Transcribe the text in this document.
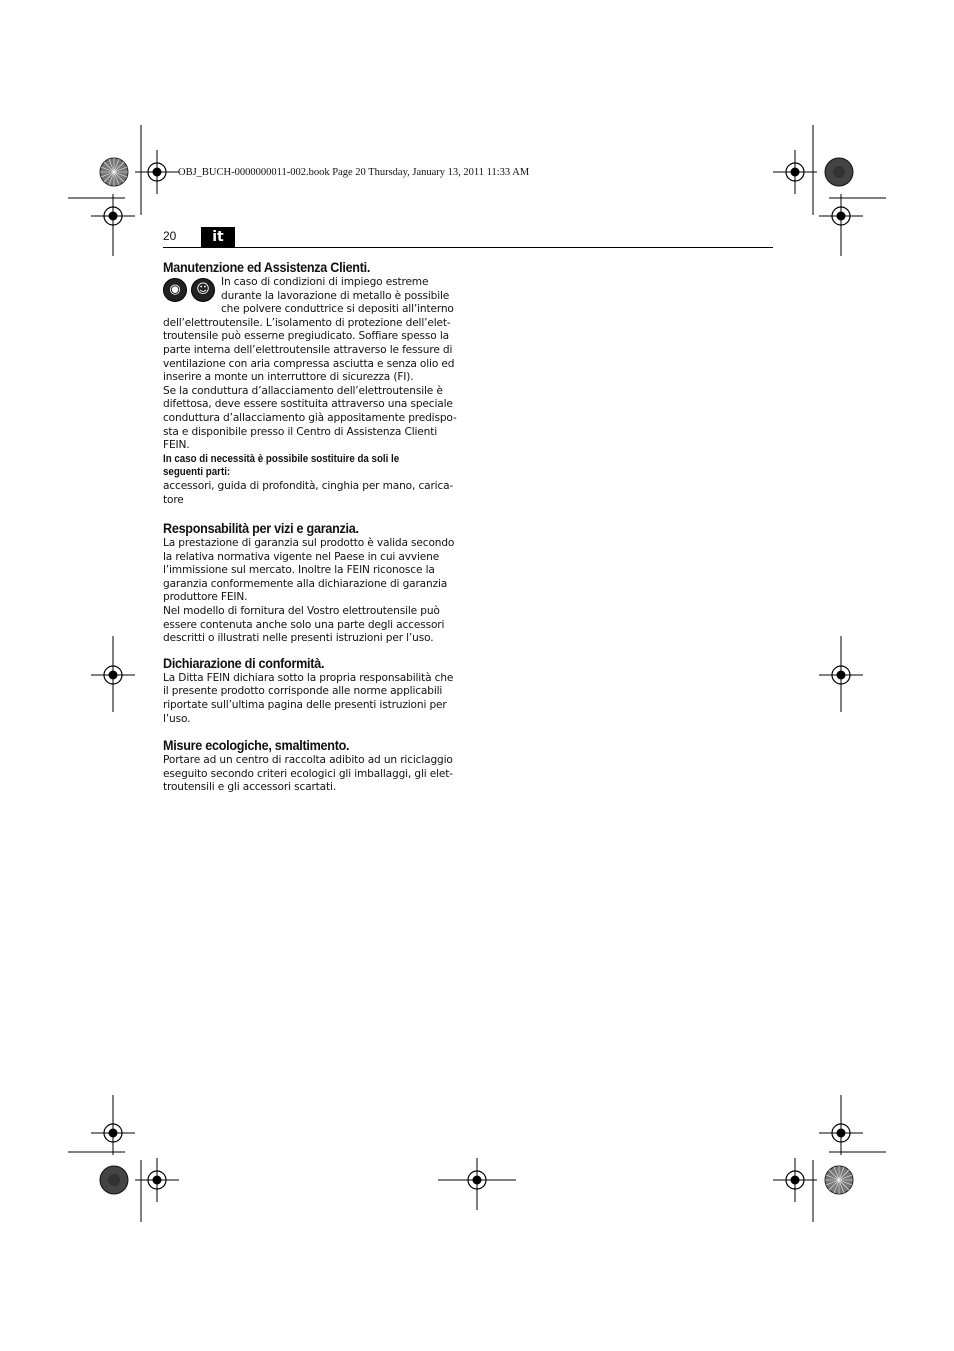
OBJ_BUCH-0000000011-002.book Page 20 Thursday, January 13, 2011 11:33 AM
20	it
Manutenzione ed Assistenza Clienti.
◉	☺	In caso di condizioni di impiego estreme
durante la lavorazione di metallo è possibile
che polvere conduttrice si depositi all’interno
dell’elettroutensile. L’isolamento di protezione dell’elet-
troutensile può esserne pregiudicato. Soffiare spesso la
parte interna dell’elettroutensile attraverso le fessure di
ventilazione con aria compressa asciutta e senza olio ed
inserire a monte un interruttore di sicurezza (FI).

Se la conduttura d’allacciamento dell’elettroutensile è
difettosa, deve essere sostituita attraverso una speciale
conduttura d’allacciamento già appositamente predispo-
sta e disponibile presso il Centro di Assistenza Clienti
FEIN.

In caso di necessità è possibile sostituire da soli le
seguenti parti:

accessori, guida di profondità, cinghia per mano, carica-
tore

Responsabilità per vizi e garanzia.

La prestazione di garanzia sul prodotto è valida secondo
la relativa normativa vigente nel Paese in cui avviene
l’immissione sul mercato. Inoltre la FEIN riconosce la
garanzia conformemente alla dichiarazione di garanzia
produttore FEIN.

Nel modello di fornitura del Vostro elettroutensile può
essere contenuta anche solo una parte degli accessori
descritti o illustrati nelle presenti istruzioni per l’uso.

Dichiarazione di conformità.

La Ditta FEIN dichiara sotto la propria responsabilità che
il presente prodotto corrisponde alle norme applicabili
riportate sull’ultima pagina delle presenti istruzioni per
l’uso.

Misure ecologiche, smaltimento.

Portare ad un centro di raccolta adibito ad un riciclaggio
eseguito secondo criteri ecologici gli imballaggi, gli elet-
troutensili e gli accessori scartati.
